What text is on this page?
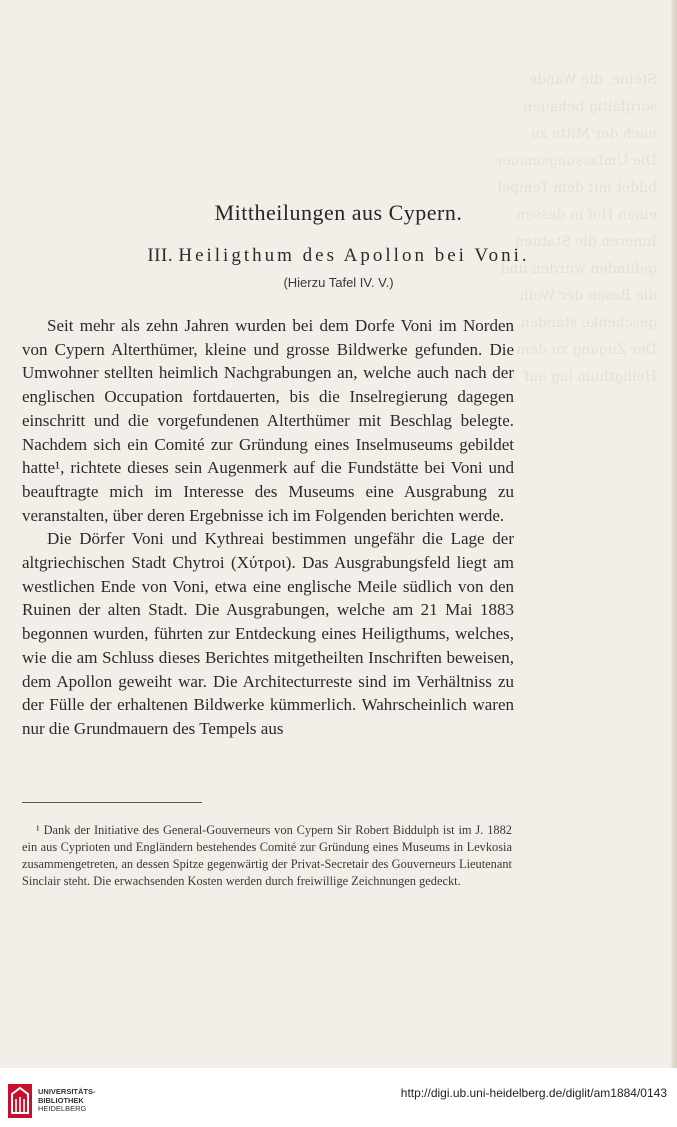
Steine, die Wände
sorgfältig behauen
nach der Mitte zu
Die Umfassungsmauer
bildet mit dem Tempel
einen Hof in dessen
Inneren die Statuen
gefunden wurden und
die Basen der Weih
geschenke standen.
Der Zugang zu dem
Heiligthum lag auf

Mittheilungen aus Cypern.
III. Heiligthum des Apollon bei Voni.
(Hierzu Tafel IV. V.)

Seit mehr als zehn Jahren wurden bei dem Dorfe Voni im Norden von Cypern Alterthümer, kleine und grosse Bildwerke gefunden. Die Umwohner stellten heimlich Nachgrabungen an, welche auch nach der englischen Occupation fortdauerten, bis die Inselregierung dagegen einschritt und die vorgefundenen Alterthümer mit Beschlag belegte. Nachdem sich ein Comité zur Gründung eines Inselmuseums gebildet hatte¹, richtete dieses sein Augenmerk auf die Fundstätte bei Voni und beauftragte mich im Interesse des Museums eine Ausgrabung zu veranstalten, über deren Ergebnisse ich im Folgenden berichten werde.

Die Dörfer Voni und Kythreai bestimmen ungefähr die Lage der altgriechischen Stadt Chytroi (Χύτροι). Das Ausgrabungsfeld liegt am westlichen Ende von Voni, etwa eine englische Meile südlich von den Ruinen der alten Stadt. Die Ausgrabungen, welche am 21 Mai 1883 begonnen wurden, führten zur Entdeckung eines Heiligthums, welches, wie die am Schluss dieses Berichtes mitgetheilten Inschriften beweisen, dem Apollon geweiht war. Die Architecturreste sind im Verhältniss zu der Fülle der erhaltenen Bildwerke kümmerlich. Wahrscheinlich waren nur die Grundmauern des Tempels aus

¹ Dank der Initiative des General-Gouverneurs von Cypern Sir Robert Biddulph ist im J. 1882 ein aus Cyprioten und Engländern bestehendes Comité zur Gründung eines Museums in Levkosia zusammengetreten, an dessen Spitze gegenwärtig der Privat-Secretair des Gouverneurs Lieutenant Sinclair steht. Die erwachsenden Kosten werden durch freiwillige Zeichnungen gedeckt.

UNIVERSITÄTS-
BIBLIOTHEK
HEIDELBERG
http://digi.ub.uni-heidelberg.de/diglit/am1884/0143
